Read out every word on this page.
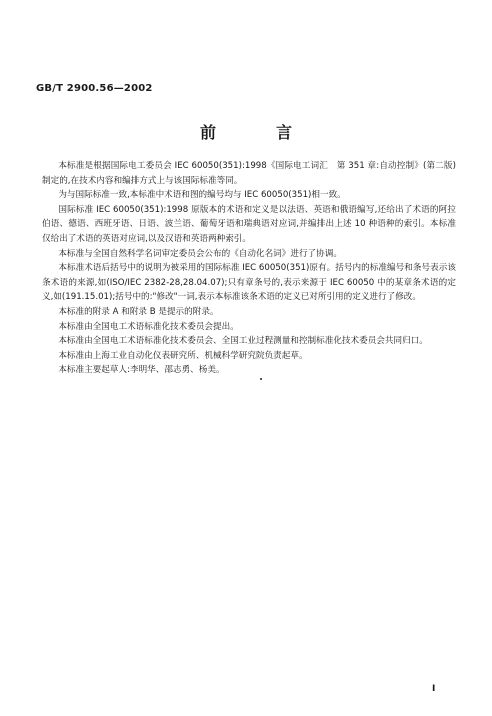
GB/T 2900.56—2002
前　言

本标准是根据国际电工委员会 IEC 60050(351):1998《国际电工词汇　第 351 章:自动控制》(第二版)制定的,在技术内容和编排方式上与该国际标准等同。

为与国际标准一致,本标准中术语和图的编号均与 IEC 60050(351)相一致。

国际标准 IEC 60050(351):1998 原版本的术语和定义是以法语、英语和俄语编写,还给出了术语的阿拉伯语、德语、西班牙语、日语、波兰语、葡萄牙语和瑞典语对应词,并编排出上述 10 种语种的索引。本标准仅给出了术语的英语对应词,以及汉语和英语两种索引。

本标准与全国自然科学名词审定委员会公布的《自动化名词》进行了协调。

本标准术语后括号中的说明为被采用的国际标准 IEC 60050(351)原有。括号内的标准编号和条号表示该条术语的来源,如(ISO/IEC 2382-28,28.04.07);只有章条号的,表示来源于 IEC 60050 中的某章条术语的定义,如(191.15.01);括号中的:"修改"一词,表示本标准该条术语的定义已对所引用的定义进行了修改。

本标准的附录 A 和附录 B 是提示的附录。

本标准由全国电工术语标准化技术委员会提出。

本标准由全国电工术语标准化技术委员会、全国工业过程测量和控制标准化技术委员会共同归口。

本标准由上海工业自动化仪表研究所、机械科学研究院负责起草。

本标准主要起草人:李明华、邵志勇、杨美。

Ⅰ
